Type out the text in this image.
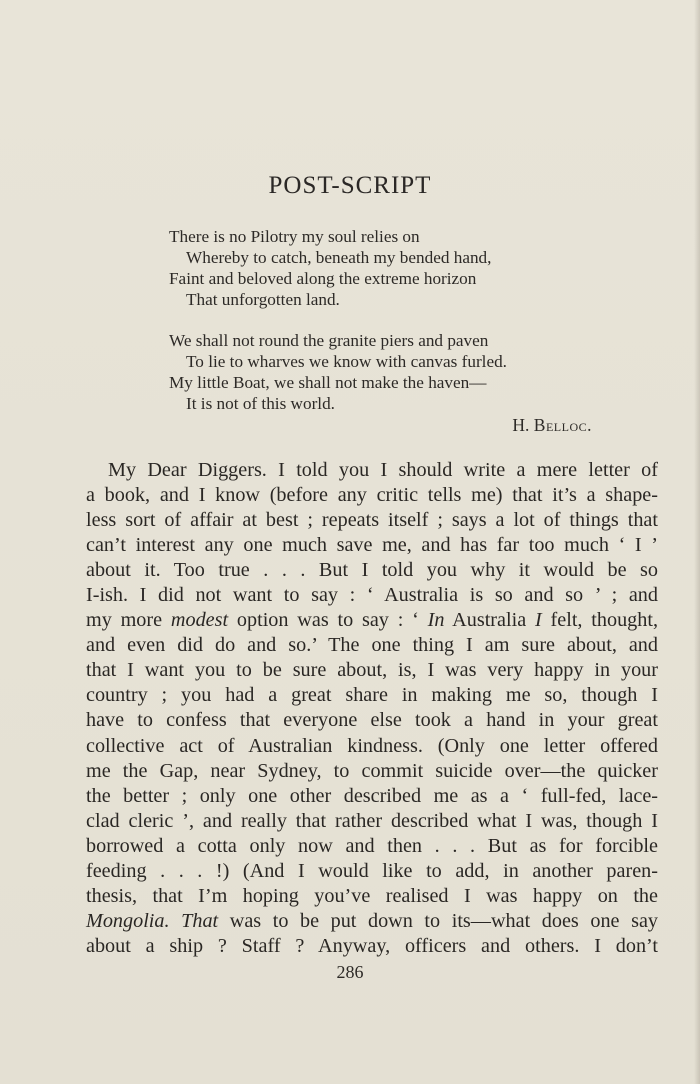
POST-SCRIPT
There is no Pilotry my soul relies on
Whereby to catch, beneath my bended hand,
Faint and beloved along the extreme horizon
That unforgotten land.
We shall not round the granite piers and paven
To lie to wharves we know with canvas furled.
My little Boat, we shall not make the haven—
It is not of this world.
H. Belloc.
My Dear Diggers. I told you I should write a mere letter of
a book, and I know (before any critic tells me) that it’s a shape-
less sort of affair at best ; repeats itself ; says a lot of things that
can’t interest any one much save me, and has far too much ‘ I ’
about it. Too true . . . But I told you why it would be so
I-ish. I did not want to say : ‘ Australia is so and so ’ ; and
my more modest option was to say : ‘ In Australia I felt, thought,
and even did do and so.’ The one thing I am sure about, and
that I want you to be sure about, is, I was very happy in your
country ; you had a great share in making me so, though I
have to confess that everyone else took a hand in your great
collective act of Australian kindness. (Only one letter offered
me the Gap, near Sydney, to commit suicide over—the quicker
the better ; only one other described me as a ‘ full-fed, lace-
clad cleric ’, and really that rather described what I was, though I
borrowed a cotta only now and then . . . But as for forcible
feeding . . . !) (And I would like to add, in another paren-
thesis, that I’m hoping you’ve realised I was happy on the
Mongolia. That was to be put down to its—what does one say
about a ship ? Staff ? Anyway, officers and others. I don’t
286
